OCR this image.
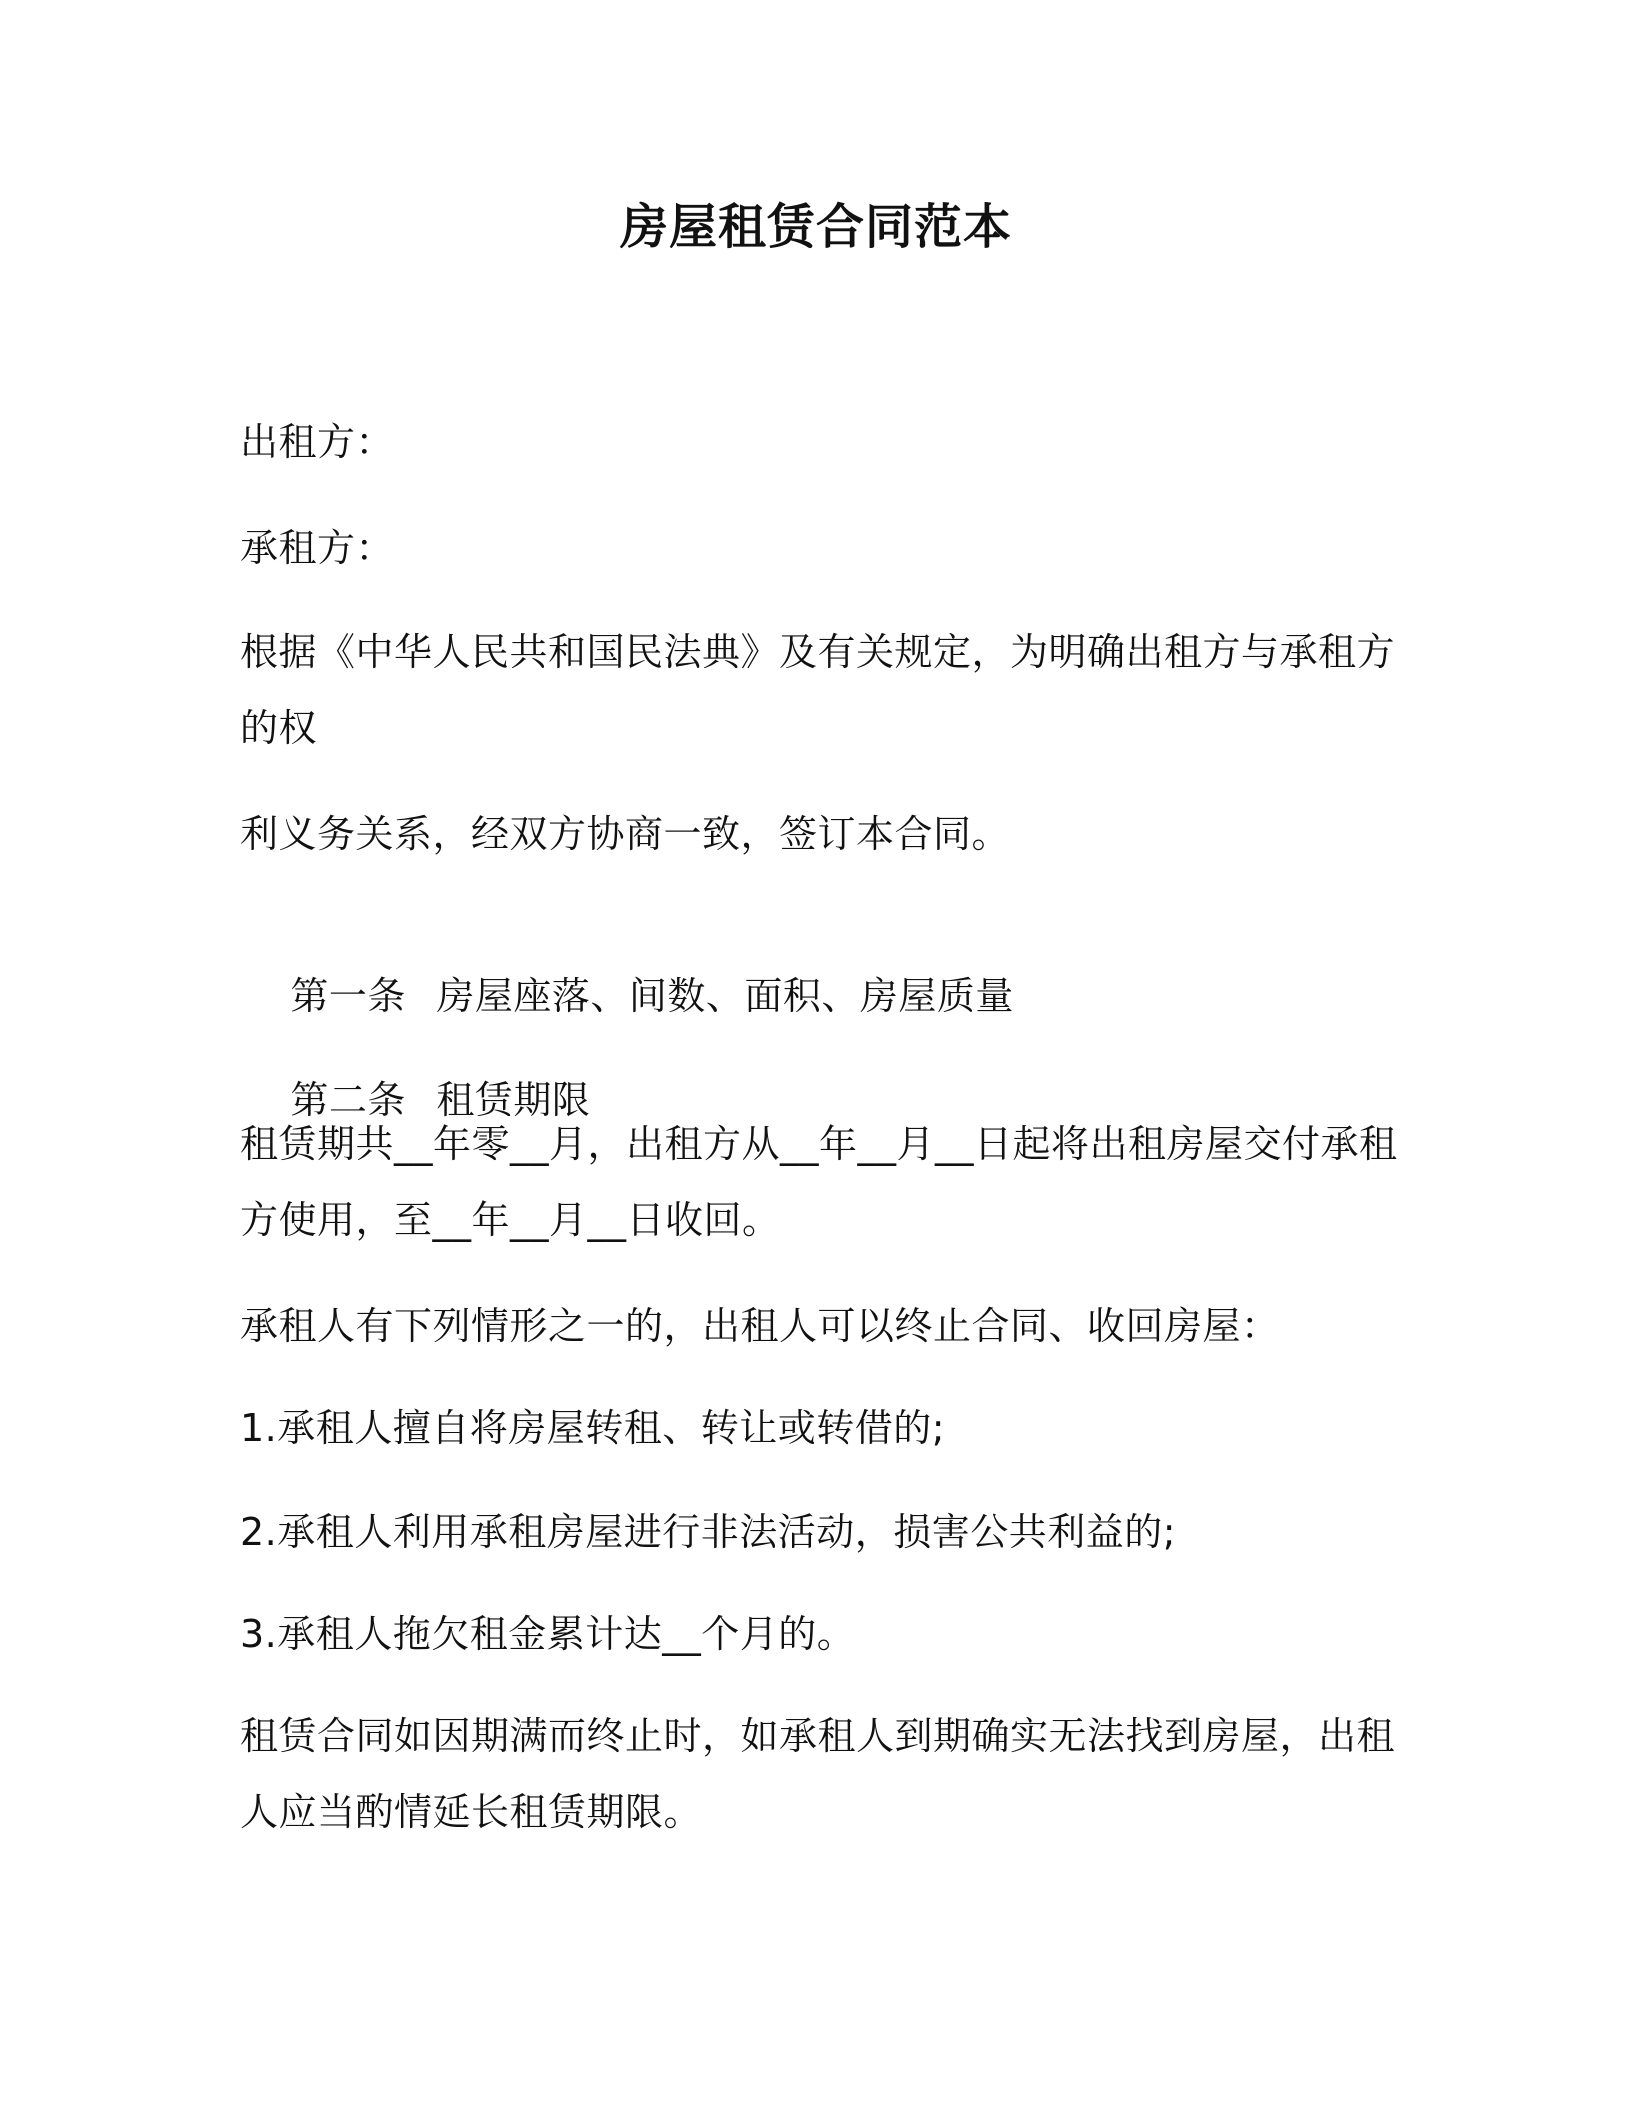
房屋租赁合同范本
出租方：
承租方：
根据《中华人民共和国民法典》及有关规定，为明确出租方与承租方
的权
利义务关系，经双方协商一致，签订本合同。

第一条 房屋座落、间数、面积、房屋质量

第二条 租赁期限

租赁期共__年零__月，出租方从__年__月__日起将出租房屋交付承租
方使用，至__年__月__日收回。
承租人有下列情形之一的，出租人可以终止合同、收回房屋：
1.承租人擅自将房屋转租、转让或转借的;
2.承租人利用承租房屋进行非法活动，损害公共利益的;
3.承租人拖欠租金累计达__个月的。
租赁合同如因期满而终止时，如承租人到期确实无法找到房屋，出租
人应当酌情延长租赁期限。
